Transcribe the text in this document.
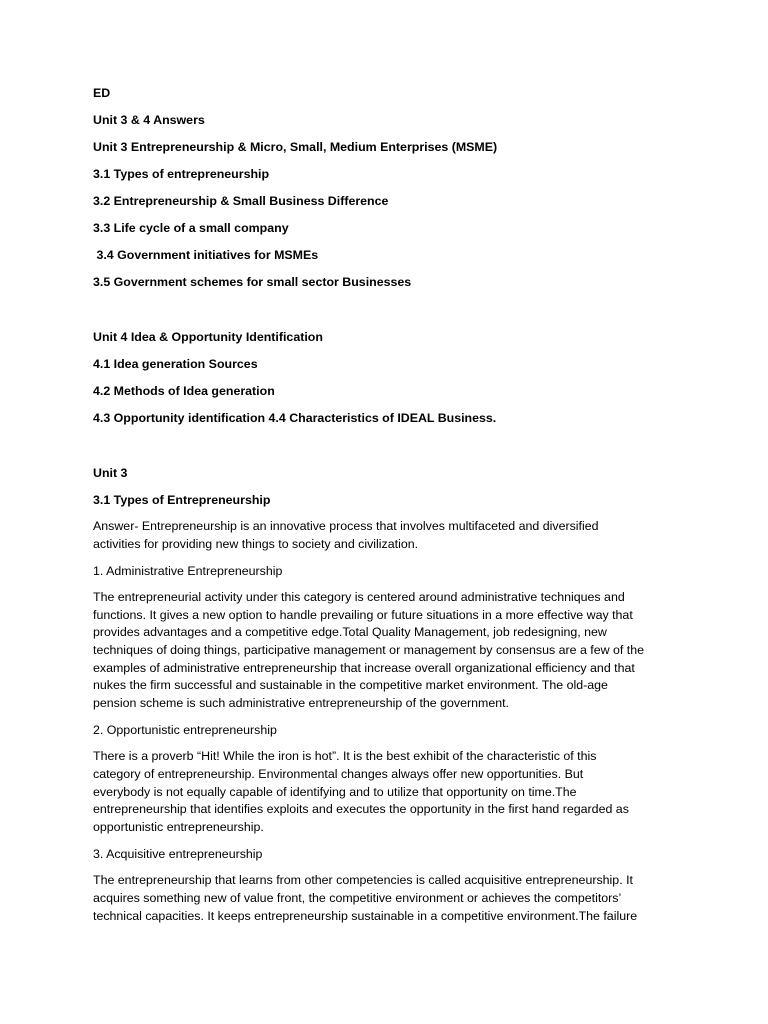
ED

Unit 3 & 4 Answers

Unit 3 Entrepreneurship & Micro, Small, Medium Enterprises (MSME)

3.1 Types of entrepreneurship

3.2 Entrepreneurship & Small Business Difference

3.3 Life cycle of a small company

3.4 Government initiatives for MSMEs

3.5 Government schemes for small sector Businesses

Unit 4 Idea & Opportunity Identification

4.1 Idea generation Sources

4.2 Methods of Idea generation

4.3 Opportunity identification 4.4 Characteristics of IDEAL Business.

Unit 3

3.1 Types of Entrepreneurship

Answer- Entrepreneurship is an innovative process that involves multifaceted and diversified
activities for providing new things to society and civilization.

1. Administrative Entrepreneurship

The entrepreneurial activity under this category is centered around administrative techniques and
functions. It gives a new option to handle prevailing or future situations in a more effective way that
provides advantages and a competitive edge.Total Quality Management, job redesigning, new
techniques of doing things, participative management or management by consensus are a few of the
examples of administrative entrepreneurship that increase overall organizational efficiency and that
nukes the firm successful and sustainable in the competitive market environment. The old-age
pension scheme is such administrative entrepreneurship of the government.

2. Opportunistic entrepreneurship

There is a proverb “Hit! While the iron is hot”. It is the best exhibit of the characteristic of this
category of entrepreneurship. Environmental changes always offer new opportunities. But
everybody is not equally capable of identifying and to utilize that opportunity on time.The
entrepreneurship that identifies exploits and executes the opportunity in the first hand regarded as
opportunistic entrepreneurship.

3. Acquisitive entrepreneurship

The entrepreneurship that learns from other competencies is called acquisitive entrepreneurship. It
acquires something new of value front, the competitive environment or achieves the competitors’
technical capacities. It keeps entrepreneurship sustainable in a competitive environment.The failure
